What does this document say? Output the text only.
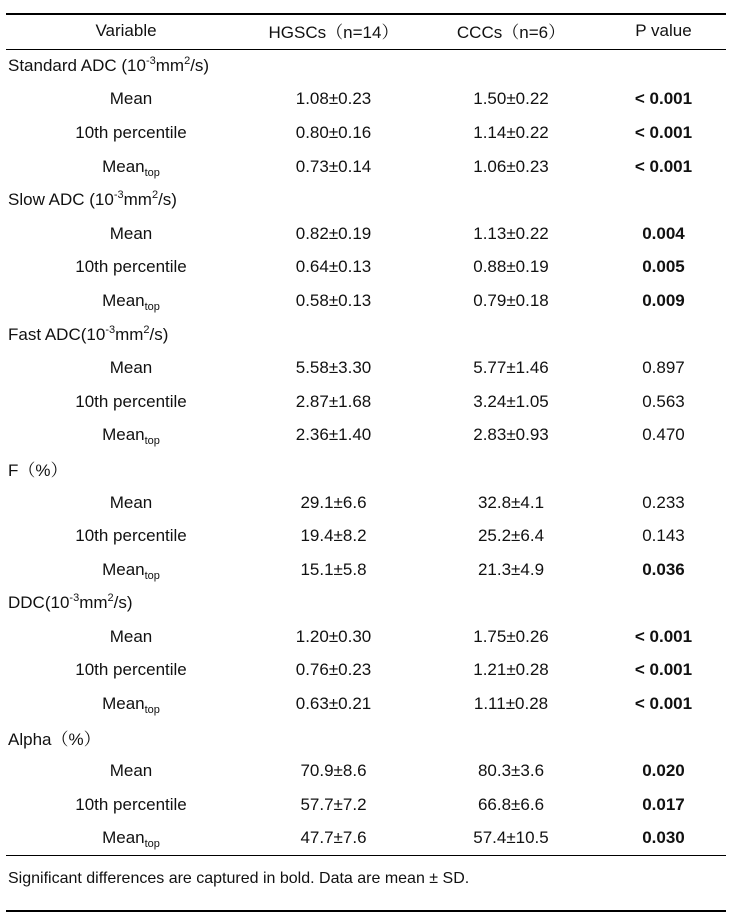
Variable	HGSCs（n=14）	CCCs（n=6）	P value
Standard ADC $(10^{-3}mm^2/s)$			
Mean	1.08±0.23	1.50±0.22	< 0.001
10th percentile	0.80±0.16	1.14±0.22	< 0.001
Mean$_{top}$	0.73±0.14	1.06±0.23	< 0.001
Slow ADC $(10^{-3}mm^2/s)$			
Mean	0.82±0.19	1.13±0.22	0.004
10th percentile	0.64±0.13	0.88±0.19	0.005
Mean$_{top}$	0.58±0.13	0.79±0.18	0.009
Fast $ADC(10^{-3}mm^2/s)$			
Mean	5.58±3.30	5.77±1.46	0.897
10th percentile	2.87±1.68	3.24±1.05	0.563
Mean$_{top}$	2.36±1.40	2.83±0.93	0.470
F（%）			
Mean	29.1±6.6	32.8±4.1	0.233
10th percentile	19.4±8.2	25.2±6.4	0.143
Mean$_{top}$	15.1±5.8	21.3±4.9	0.036
$DDC(10^{-3}mm^2/s)$			
Mean	1.20±0.30	1.75±0.26	< 0.001
10th percentile	0.76±0.23	1.21±0.28	< 0.001
Mean$_{top}$	0.63±0.21	1.11±0.28	< 0.001
Alpha（%）			
Mean	70.9±8.6	80.3±3.6	0.020
10th percentile	57.7±7.2	66.8±6.6	0.017
Mean$_{top}$	47.7±7.6	57.4±10.5	0.030
Significant differences are captured in bold. Data are mean ± SD.
